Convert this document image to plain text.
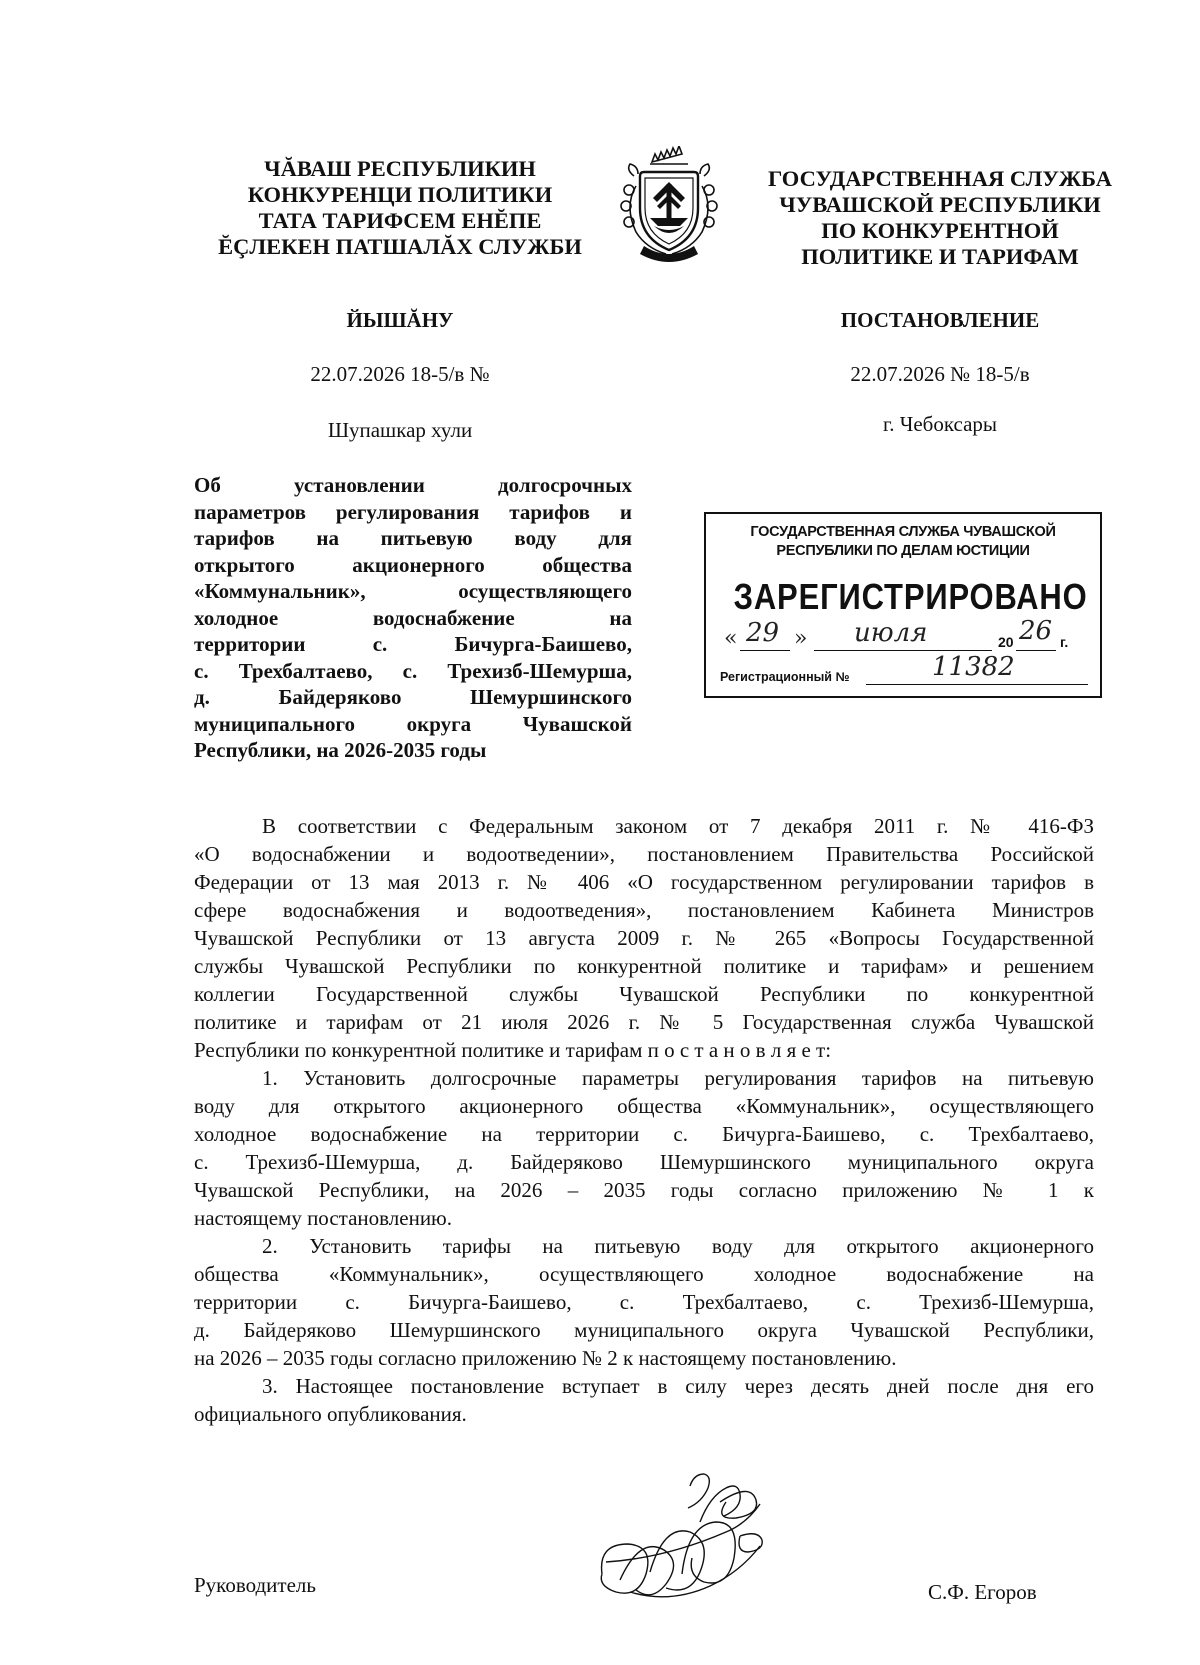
ЧĂВАШ РЕСПУБЛИКИН
КОНКУРЕНЦИ ПОЛИТИКИ
ТАТА ТАРИФСЕМ ЕНĔПЕ
ĔÇЛЕКЕН ПАТШАЛĂХ СЛУЖБИ
ГОСУДАРСТВЕННАЯ СЛУЖБА
ЧУВАШСКОЙ РЕСПУБЛИКИ
ПО КОНКУРЕНТНОЙ
ПОЛИТИКЕ И ТАРИФАМ
ЙЫШĂНУ	ПОСТАНОВЛЕНИЕ
22.07.2026 18-5/в №	22.07.2026 № 18-5/в
Шупашкар хули	г. Чебоксары
Об установлении долгосрочных
параметров регулирования тарифов и
тарифов на питьевую воду для
открытого акционерного общества
«Коммунальник», осуществляющего
холодное водоснабжение на
территории с. Бичурга-Баишево,
с. Трехбалтаево, с. Трехизб-Шемурша,
д. Байдеряково Шемуршинского
муниципального округа Чувашской
Республики, на 2026-2035 годы
ГОСУДАРСТВЕННАЯ СЛУЖБА ЧУВАШСКОЙ
РЕСПУБЛИКИ ПО ДЕЛАМ ЮСТИЦИИ
ЗАРЕГИСТРИРОВАНО
« 29 » июля	20 26 г.
Регистрационный №	11382
В соответствии с Федеральным законом от 7 декабря 2011 г. № 416-ФЗ
«О водоснабжении и водоотведении», постановлением Правительства Российской
Федерации от 13 мая 2013 г. № 406 «О государственном регулировании тарифов в
сфере водоснабжения и водоотведения», постановлением Кабинета Министров
Чувашской Республики от 13 августа 2009 г. № 265 «Вопросы Государственной
службы Чувашской Республики по конкурентной политике и тарифам» и решением
коллегии Государственной службы Чувашской Республики по конкурентной
политике и тарифам от 21 июля 2026 г. № 5 Государственная служба Чувашской
Республики по конкурентной политике и тарифам п о с т а н о в л я е т:
1. Установить долгосрочные параметры регулирования тарифов на питьевую
воду для открытого акционерного общества «Коммунальник», осуществляющего
холодное водоснабжение на территории с. Бичурга-Баишево, с. Трехбалтаево,
с. Трехизб-Шемурша, д. Байдеряково Шемуршинского муниципального округа
Чувашской Республики, на 2026 – 2035 годы согласно приложению № 1 к
настоящему постановлению.
2. Установить тарифы на питьевую воду для открытого акционерного
общества «Коммунальник», осуществляющего холодное водоснабжение на
территории с. Бичурга-Баишево, с. Трехбалтаево, с. Трехизб-Шемурша,
д. Байдеряково Шемуршинского муниципального округа Чувашской Республики,
на 2026 – 2035 годы согласно приложению № 2 к настоящему постановлению.
3. Настоящее постановление вступает в силу через десять дней после дня его
официального опубликования.
Руководитель	С.Ф. Егоров
